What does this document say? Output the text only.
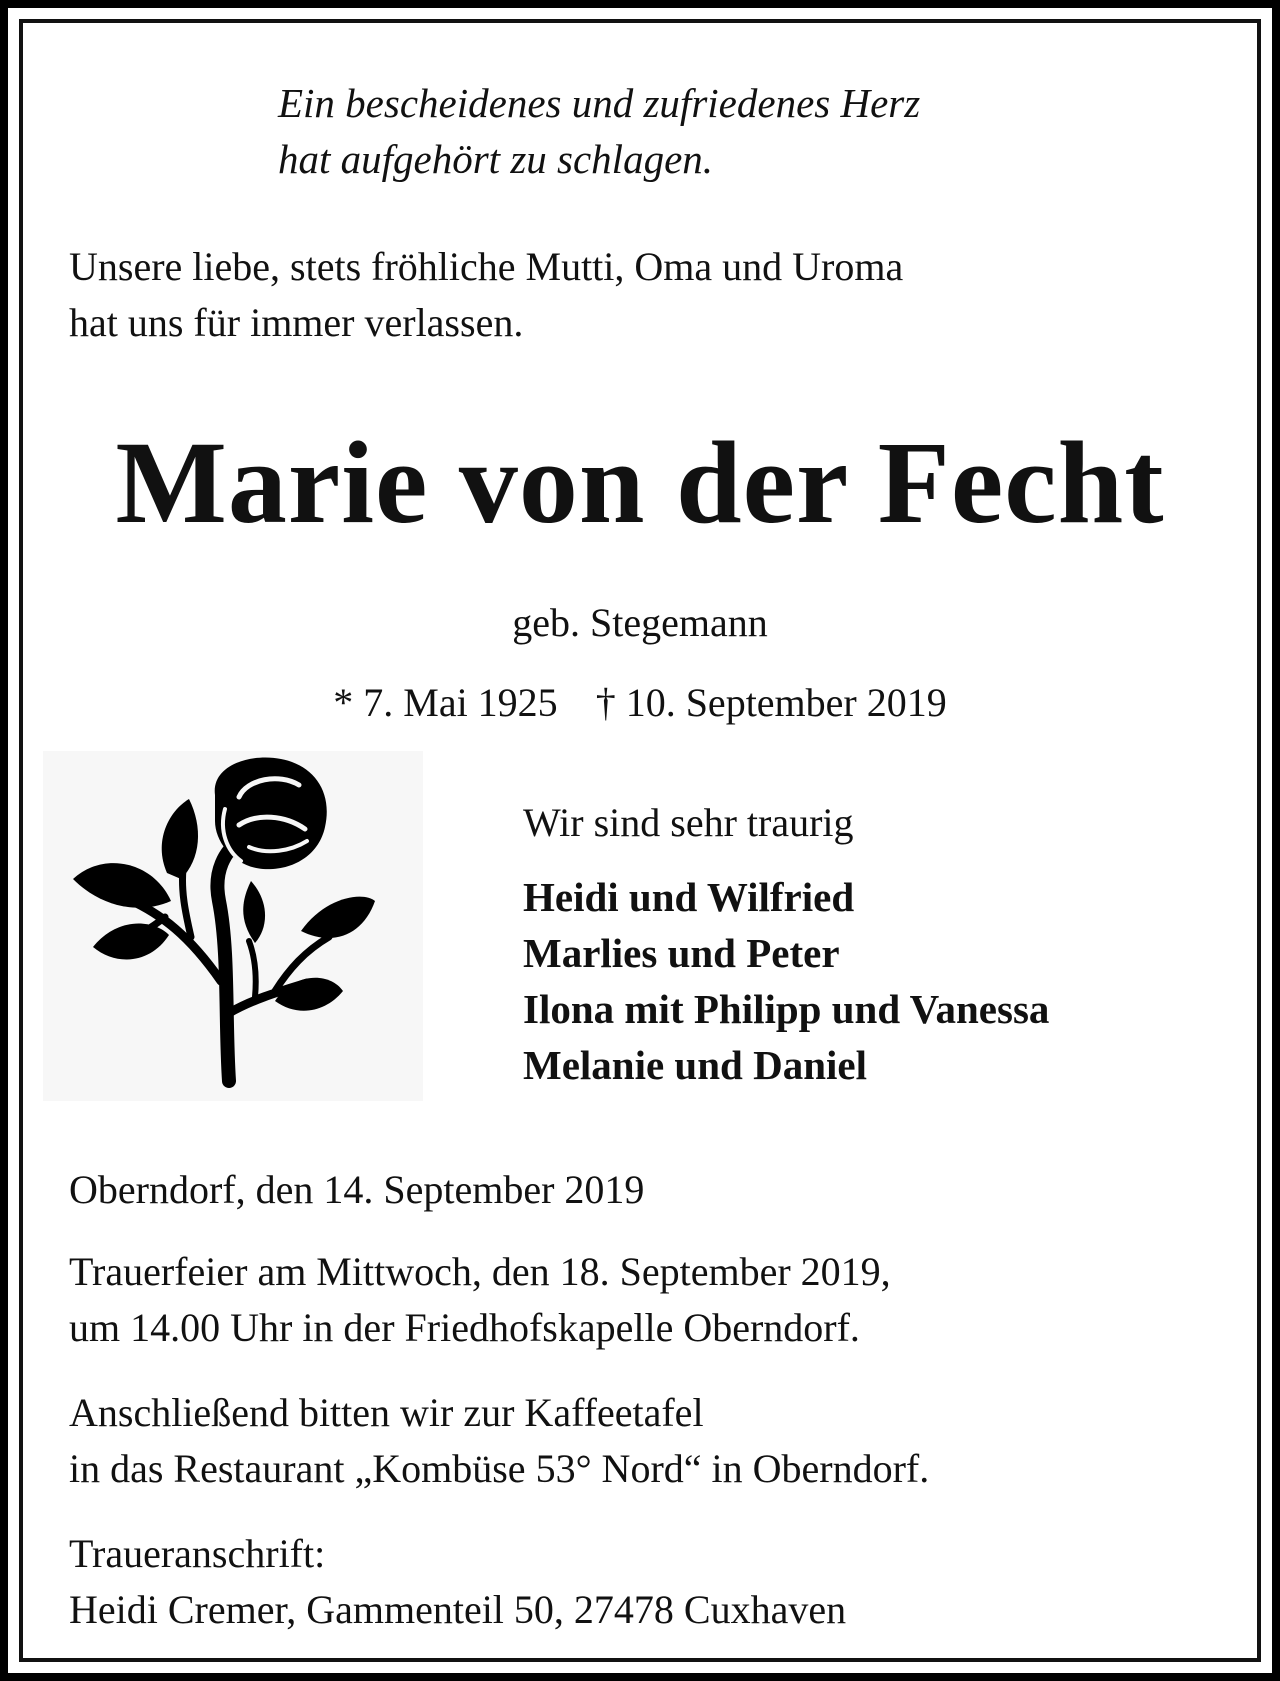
Ein bescheidenes und zufriedenes Herz
hat aufgehört zu schlagen.

Unsere liebe, stets fröhliche Mutti, Oma und Uroma
hat uns für immer verlassen.

Marie von der Fecht

geb. Stegemann

* 7. Mai 1925 † 10. September 2019

Wir sind sehr traurig

Heidi und Wilfried
Marlies und Peter
Ilona mit Philipp und Vanessa
Melanie und Daniel

Oberndorf, den 14. September 2019

Trauerfeier am Mittwoch, den 18. September 2019,
um 14.00 Uhr in der Friedhofskapelle Oberndorf.

Anschließend bitten wir zur Kaffeetafel
in das Restaurant „Kombüse 53° Nord“ in Oberndorf.

Traueranschrift:
Heidi Cremer, Gammenteil 50, 27478 Cuxhaven
